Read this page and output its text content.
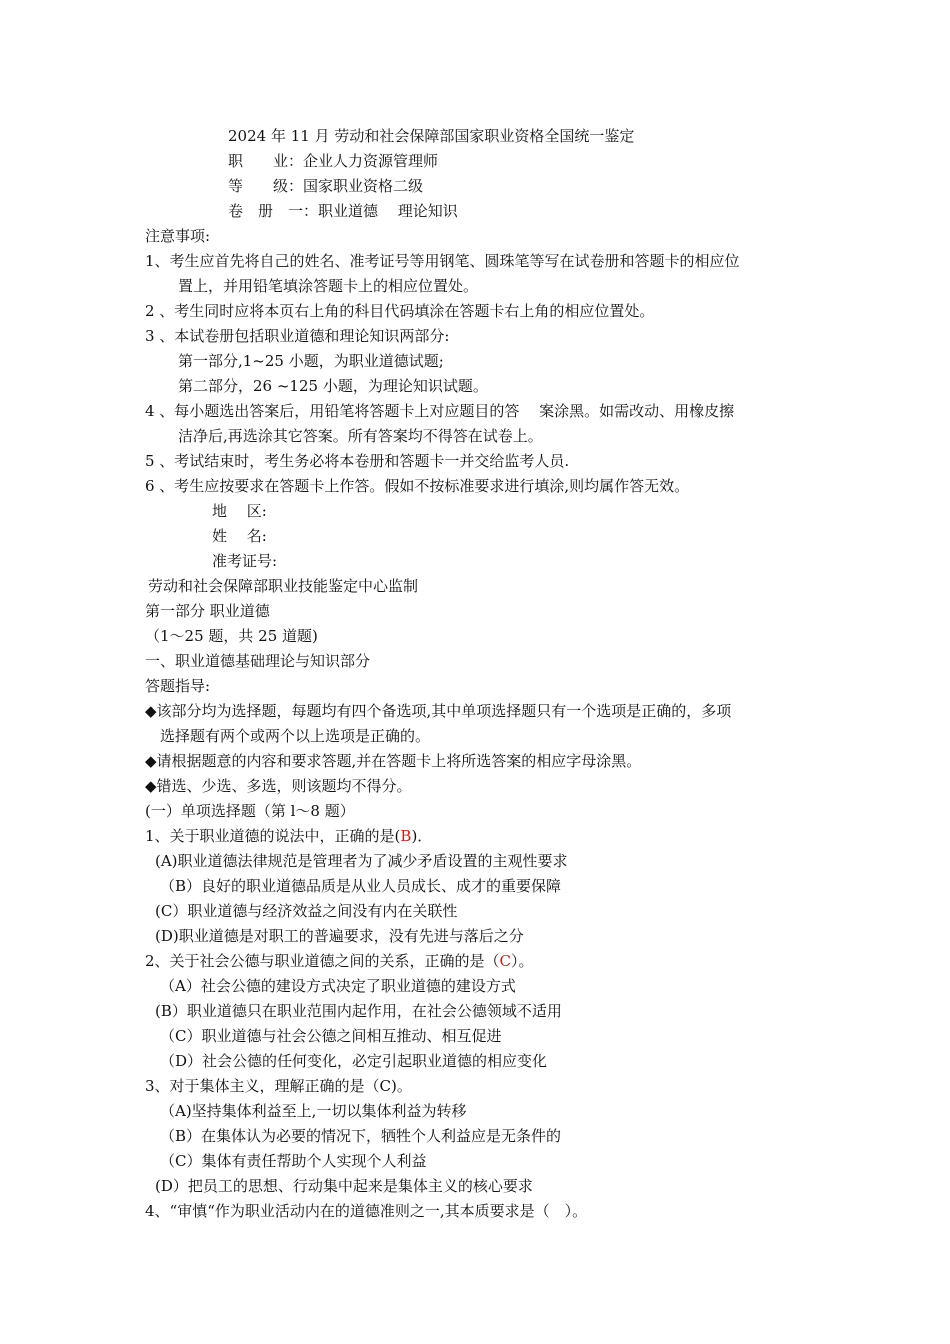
2024 年 11 月 劳动和社会保障部国家职业资格全国统一鉴定
职　　业：企业人力资源管理师
等　　级：国家职业资格二级
卷　册　一：职业道德　 理论知识
注意事项:
1、考生应首先将自己的姓名、准考证号等用钢笔、圆珠笔等写在试卷册和答题卡的相应位
置上，并用铅笔填涂答题卡上的相应位置处。
2 、考生同时应将本页右上角的科目代码填涂在答题卡右上角的相应位置处。
3 、本试卷册包括职业道德和理论知识两部分:
第一部分,1~25 小题，为职业道德试题;
第二部分，26 ~125 小题，为理论知识试题。
4 、每小题选出答案后，用铅笔将答题卡上对应题目的答　 案涂黑。如需改动、用橡皮擦
洁净后,再选涂其它答案。所有答案均不得答在试卷上。
5 、考试结束时，考生务必将本卷册和答题卡一并交给监考人员.
6 、考生应按要求在答题卡上作答。假如不按标准要求进行填涂,则均属作答无效。
地　 区:
姓　 名:
准考证号:
劳动和社会保障部职业技能鉴定中心监制
第一部分 职业道德
（1～25 题，共 25 道题)
一、职业道德基础理论与知识部分
答题指导:
◆该部分均为选择题，每题均有四个备选项,其中单项选择题只有一个选项是正确的，多项
选择题有两个或两个以上选项是正确的。
◆请根据题意的内容和要求答题,并在答题卡上将所选答案的相应字母涂黑。
◆错选、少选、多选，则该题均不得分。
(一）单项选择题（第 l～8 题）
1、关于职业道德的说法中，正确的是(B)．
(A)职业道德法律规范是管理者为了减少矛盾设置的主观性要求
（B）良好的职业道德品质是从业人员成长、成才的重要保障
(C）职业道德与经济效益之间没有内在关联性
(D)职业道德是对职工的普遍要求，没有先进与落后之分
2、关于社会公德与职业道德之间的关系，正确的是（C）。
（A）社会公德的建设方式决定了职业道德的建设方式
(B）职业道德只在职业范围内起作用，在社会公德领域不适用
（C）职业道德与社会公德之间相互推动、相互促进
（D）社会公德的任何变化，必定引起职业道德的相应变化
3、对于集体主义，理解正确的是（C)。
（A)坚持集体利益至上,一切以集体利益为转移
（B）在集体认为必要的情况下，牺牲个人利益应是无条件的
（C）集体有责任帮助个人实现个人利益
(D）把员工的思想、行动集中起来是集体主义的核心要求
4、“审慎“作为职业活动内在的道德准则之一,其本质要求是（　）。
